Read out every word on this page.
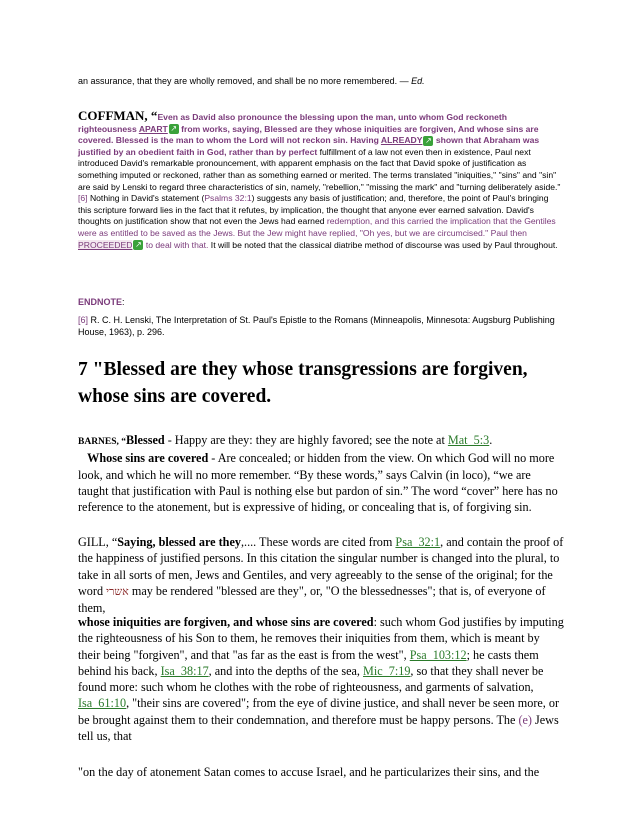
an assurance, that they are wholly removed, and shall be no more remembered. — Ed.
COFFMAN, “Even as David also pronounce the blessing upon the man, unto whom God reckoneth righteousness APART ↗ from works, saying, Blessed are they whose iniquities are forgiven, And whose sins are covered. Blessed is the man to whom the Lord will not reckon sin. Having ALREADY ↗ shown that Abraham was justified by an obedient faith in God, rather than by perfect fulfillment of a law not even then in existence, Paul next introduced David's remarkable pronouncement, with apparent emphasis on the fact that David spoke of justification as something imputed or reckoned, rather than as something earned or merited. The terms translated "iniquities," "sins" and "sin" are said by Lenski to regard three characteristics of sin, namely, "rebellion," "missing the mark" and "turning deliberately aside."[6] Nothing in David's statement (Psalms 32:1) suggests any basis of justification; and, therefore, the point of Paul's bringing this scripture forward lies in the fact that it refutes, by implication, the thought that anyone ever earned salvation. David's thoughts on justification show that not even the Jews had earned redemption, and this carried the implication that the Gentiles were as entitled to be saved as the Jews. But the Jew might have replied, "Oh yes, but we are circumcised." Paul then PROCEEDED ↗ to deal with that. It will be noted that the classical diatribe method of discourse was used by Paul throughout.
ENDNOTE:
[6] R. C. H. Lenski, The Interpretation of St. Paul's Epistle to the Romans (Minneapolis, Minnesota: Augsburg Publishing House, 1963), p. 296.
7 "Blessed are they whose transgressions are forgiven, whose sins are covered.
BARNES, “Blessed - Happy are they: they are highly favored; see the note at Mat_5:3.
Whose sins are covered - Are concealed; or hidden from the view. On which God will no more look, and which he will no more remember. “By these words,” says Calvin (in loco), “we are taught that justification with Paul is nothing else but pardon of sin.” The word “cover” here has no reference to the atonement, but is expressive of hiding, or concealing that is, of forgiving sin.
GILL, “Saying, blessed are they,.... These words are cited from Psa_32:1, and contain the proof of the happiness of justified persons. In this citation the singular number is changed into the plural, to take in all sorts of men, Jews and Gentiles, and very agreeably to the sense of the original; for the word אשרי may be rendered "blessed are they", or, "O the blessednesses"; that is, of everyone of them,
whose iniquities are forgiven, and whose sins are covered: such whom God justifies by imputing the righteousness of his Son to them, he removes their iniquities from them, which is meant by their being "forgiven", and that "as far as the east is from the west", Psa_103:12; he casts them behind his back, Isa_38:17, and into the depths of the sea, Mic_7:19, so that they shall never be found more: such whom he clothes with the robe of righteousness, and garments of salvation, Isa_61:10, "their sins are covered"; from the eye of divine justice, and shall never be seen more, or be brought against them to their condemnation, and therefore must be happy persons. The (e) Jews tell us, that
"on the day of atonement Satan comes to accuse Israel, and he particularizes their sins, and the
